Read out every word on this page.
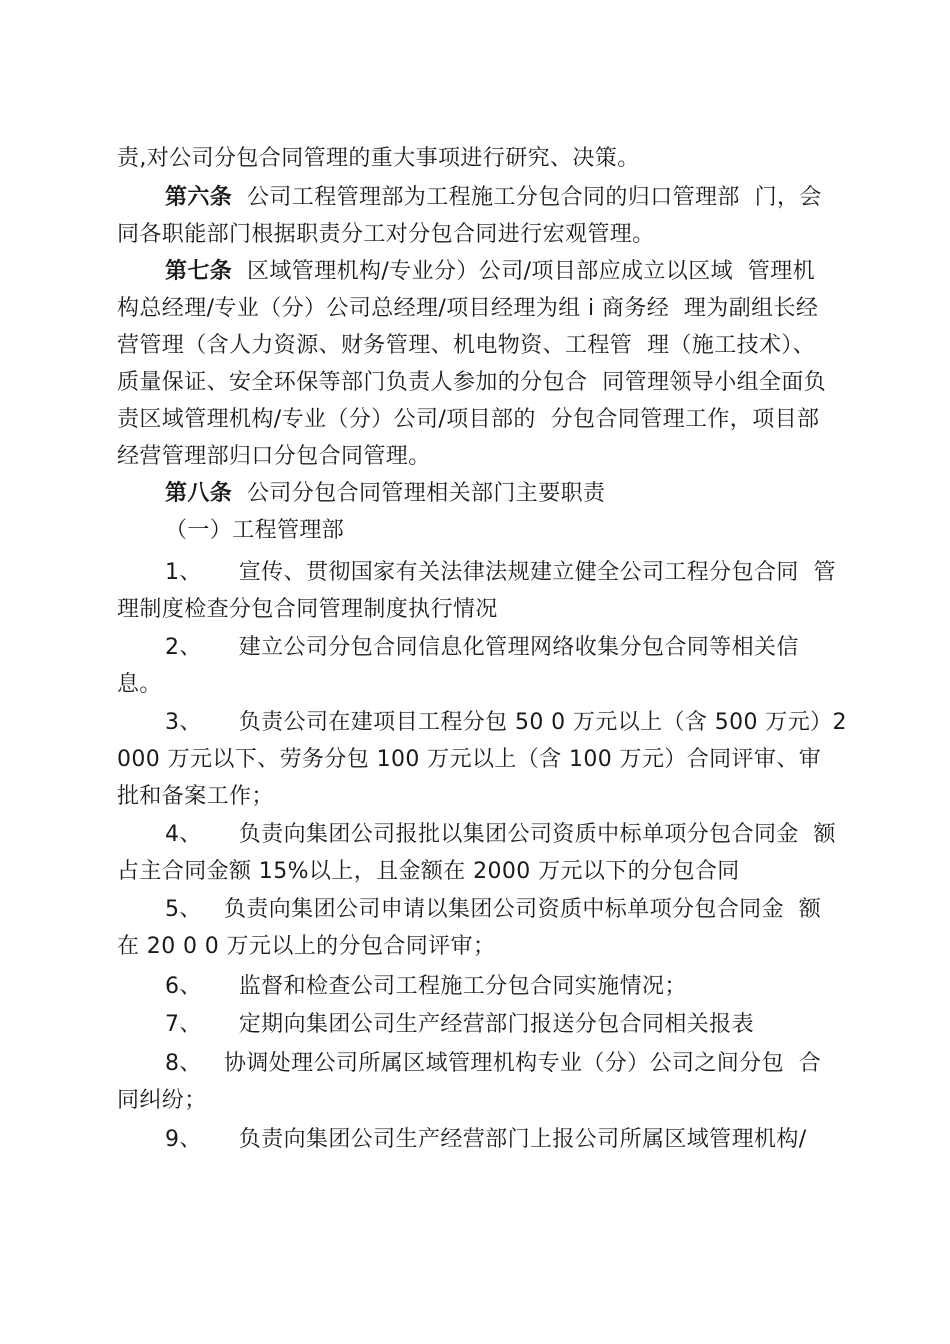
责,对公司分包合同管理的重大事项进行研究、决策。
第六条  公司工程管理部为工程施工分包合同的归口管理部  门，会
同各职能部门根据职责分工对分包合同进行宏观管理。
第七条  区域管理机构/专业分）公司/项目部应成立以区域  管理机
构总经理/专业（分）公司总经理/项目经理为组 i 商务经  理为副组长经
营管理（含人力资源、财务管理、机电物资、工程管  理（施工技术）、
质量保证、安全环保等部门负责人参加的分包合  同管理领导小组全面负
责区域管理机构/专业（分）公司/项目部的  分包合同管理工作，项目部
经营管理部归口分包合同管理。
第八条  公司分包合同管理相关部门主要职责
（一）工程管理部
1、     宣传、贯彻国家有关法律法规建立健全公司工程分包合同  管
理制度检查分包合同管理制度执行情况
2、     建立公司分包合同信息化管理网络收集分包合同等相关信
息。
3、     负责公司在建项目工程分包 50 0 万元以上（含 500 万元）2
000 万元以下、劳务分包 100 万元以上（含 100 万元）合同评审、审
批和备案工作；
4、     负责向集团公司报批以集团公司资质中标单项分包合同金  额
占主合同金额 15%以上，且金额在 2000 万元以下的分包合同
5、   负责向集团公司申请以集团公司资质中标单项分包合同金  额
在 20 0 0 万元以上的分包合同评审；
6、     监督和检查公司工程施工分包合同实施情况；
7、     定期向集团公司生产经营部门报送分包合同相关报表
8、   协调处理公司所属区域管理机构专业（分）公司之间分包  合
同纠纷；
9、     负责向集团公司生产经营部门上报公司所属区域管理机构/
